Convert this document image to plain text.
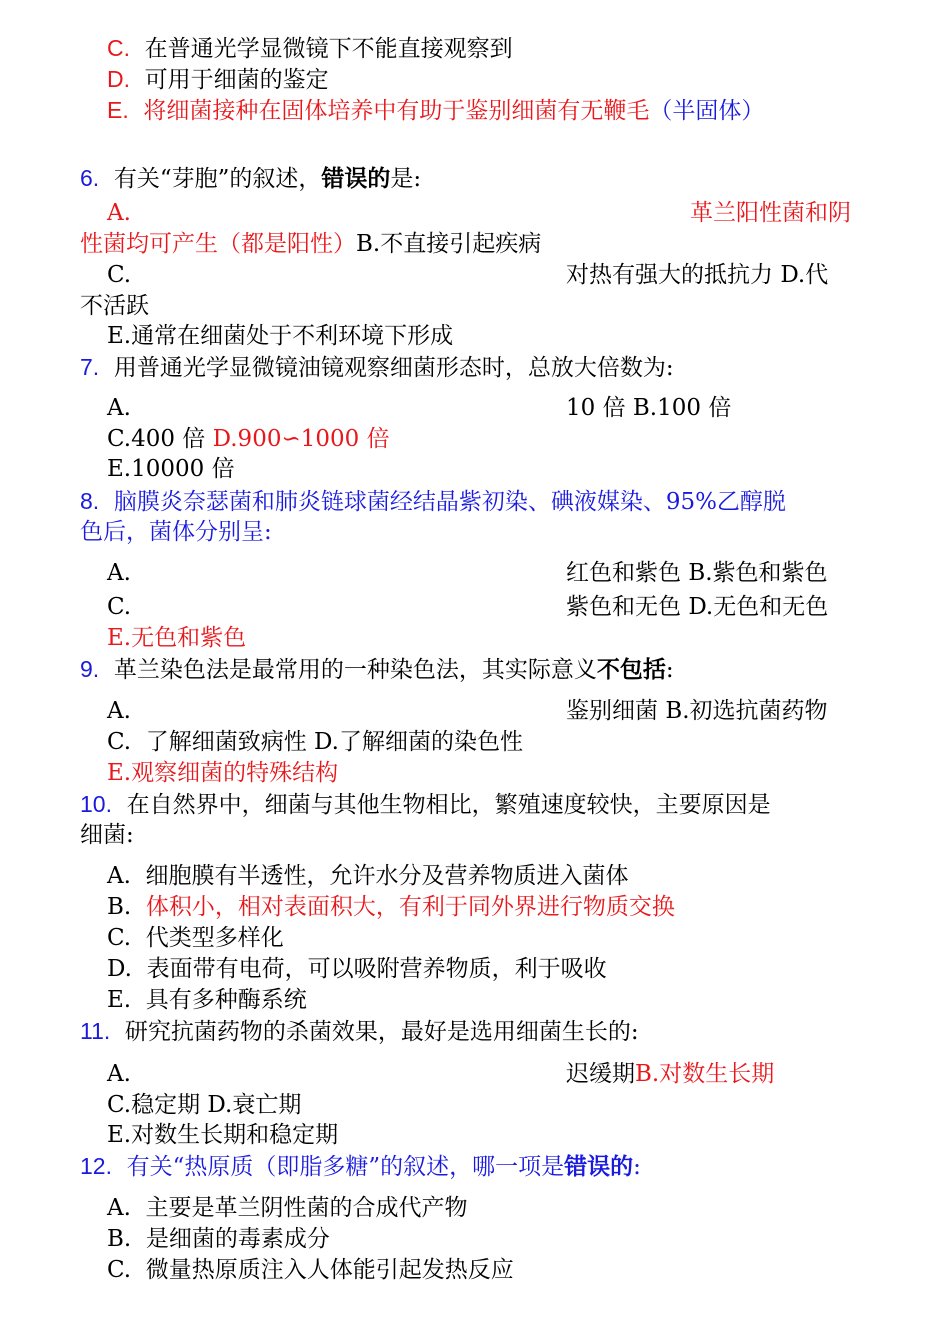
C. 在普通光学显微镜下不能直接观察到
D. 可用于细菌的鉴定
E. 将细菌接种在固体培养中有助于鉴别细菌有无鞭毛（半固体）
6. 有关“芽胞”的叙述，错误的是:
A.	革兰阳性菌和阴
性菌均可产生（都是阳性）B.不直接引起疾病
C.	对热有强大的抵抗力 D.代
不活跃
E.通常在细菌处于不利环境下形成
7. 用普通光学显微镜油镜观察细菌形态时，总放大倍数为:
A.	10 倍 B.100 倍
C.400 倍 D.900∽1000 倍
E.10000 倍
8. 脑膜炎奈瑟菌和肺炎链球菌经结晶紫初染、碘液媒染、95%乙醇脱
色后，菌体分别呈:
A.	红色和紫色 B.紫色和紫色
C.	紫色和无色 D.无色和无色
E.无色和紫色
9. 革兰染色法是最常用的一种染色法，其实际意义不包括:
A.	鉴别细菌 B.初选抗菌药物
C. 了解细菌致病性 D.了解细菌的染色性
E.观察细菌的特殊结构
10. 在自然界中，细菌与其他生物相比，繁殖速度较快，主要原因是
细菌:
A. 细胞膜有半透性，允许水分及营养物质进入菌体
B. 体积小，相对表面积大，有利于同外界进行物质交换
C. 代类型多样化
D. 表面带有电荷，可以吸附营养物质，利于吸收
E. 具有多种酶系统
11. 研究抗菌药物的杀菌效果，最好是选用细菌生长的:
A.	迟缓期B.对数生长期
C.稳定期 D.衰亡期
E.对数生长期和稳定期
12. 有关“热原质（即脂多糖”的叙述，哪一项是错误的:
A. 主要是革兰阴性菌的合成代产物
B. 是细菌的毒素成分
C. 微量热原质注入人体能引起发热反应
